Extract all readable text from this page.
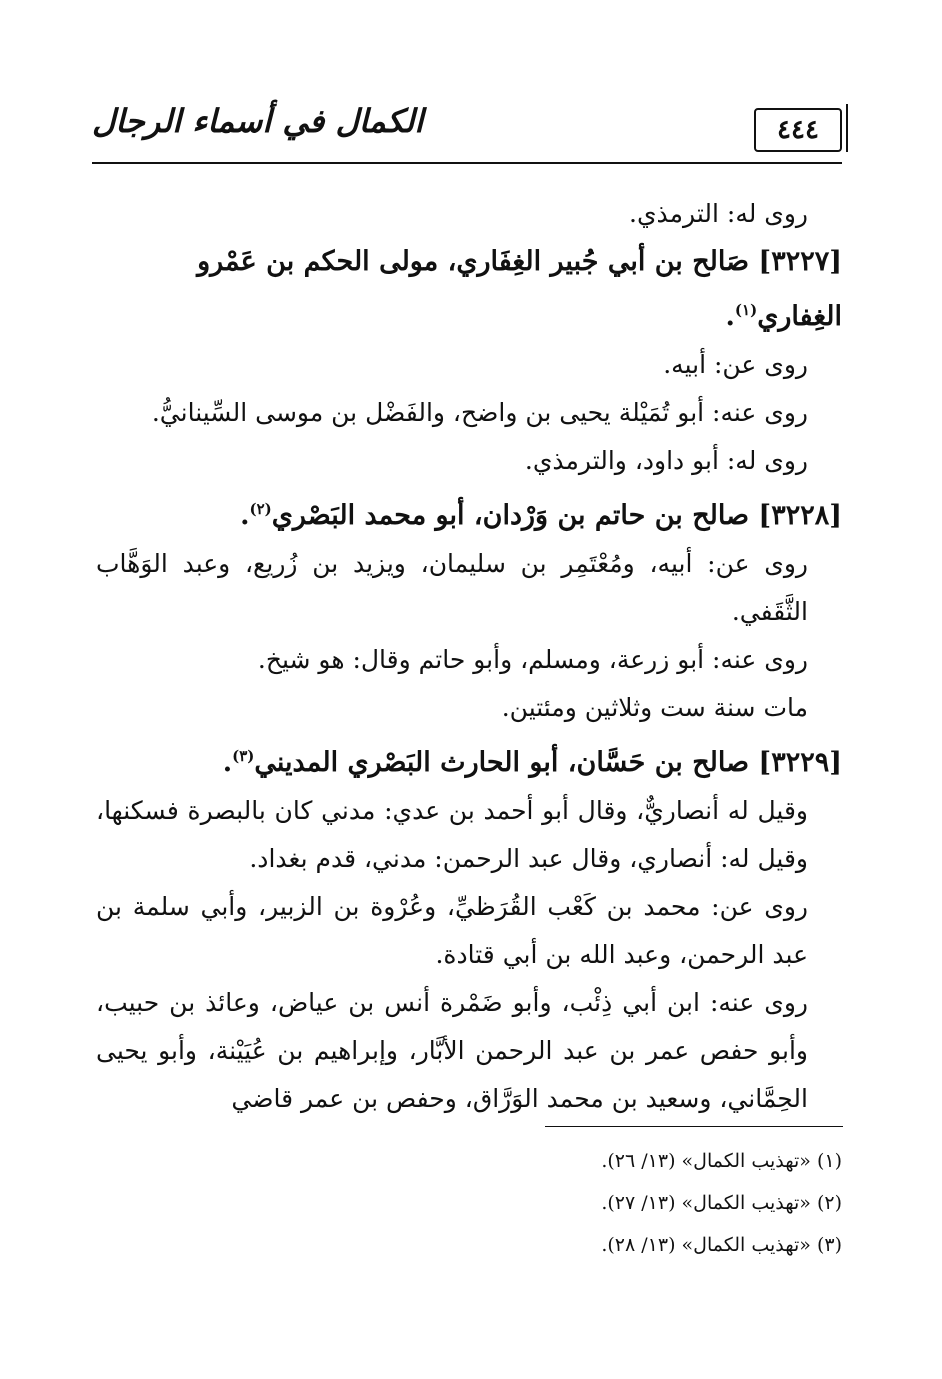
٤٤٤
الكمال في أسماء الرجال

روى له: الترمذي.

[٣٢٢٧] صَالح بن أبي جُبير الغِفَاري، مولى الحكم بن عَمْرو الغِفاري$^{(١)}$.

روى عن: أبيه.

روى عنه: أبو تُمَيْلة يحيى بن واضح، والفَضْل بن موسى السِّينانيُّ.

روى له: أبو داود، والترمذي.

[٣٢٢٨] صالح بن حاتم بن وَرْدان، أبو محمد البَصْري$^{(٢)}$.

روى عن: أبيه، ومُعْتَمِر بن سليمان، ويزيد بن زُريع، وعبد الوَهَّاب الثَّقَفي.

روى عنه: أبو زرعة، ومسلم، وأبو حاتم وقال: هو شيخ.

مات سنة ست وثلاثين ومئتين.

[٣٢٢٩] صالح بن حَسَّان، أبو الحارث البَصْري المديني$^{(٣)}$.

وقيل له أنصاريٌّ، وقال أبو أحمد بن عدي: مدني كان بالبصرة فسكنها، وقيل له: أنصاري، وقال عبد الرحمن: مدني، قدم بغداد.

روى عن: محمد بن كَعْب القُرَظيِّ، وعُرْوة بن الزبير، وأبي سلمة بن عبد الرحمن، وعبد الله بن أبي قتادة.

روى عنه: ابن أبي ذِئْب، وأبو ضَمْرة أنس بن عياض، وعائذ بن حبيب، وأبو حفص عمر بن عبد الرحمن الأبَّار، وإبراهيم بن عُيَيْنة، وأبو يحيى الحِمَّاني، وسعيد بن محمد الوَرَّاق، وحفص بن عمر قاضي

(١) «تهذيب الكمال» (١٣/ ٢٦).

(٢) «تهذيب الكمال» (١٣/ ٢٧).

(٣) «تهذيب الكمال» (١٣/ ٢٨).
